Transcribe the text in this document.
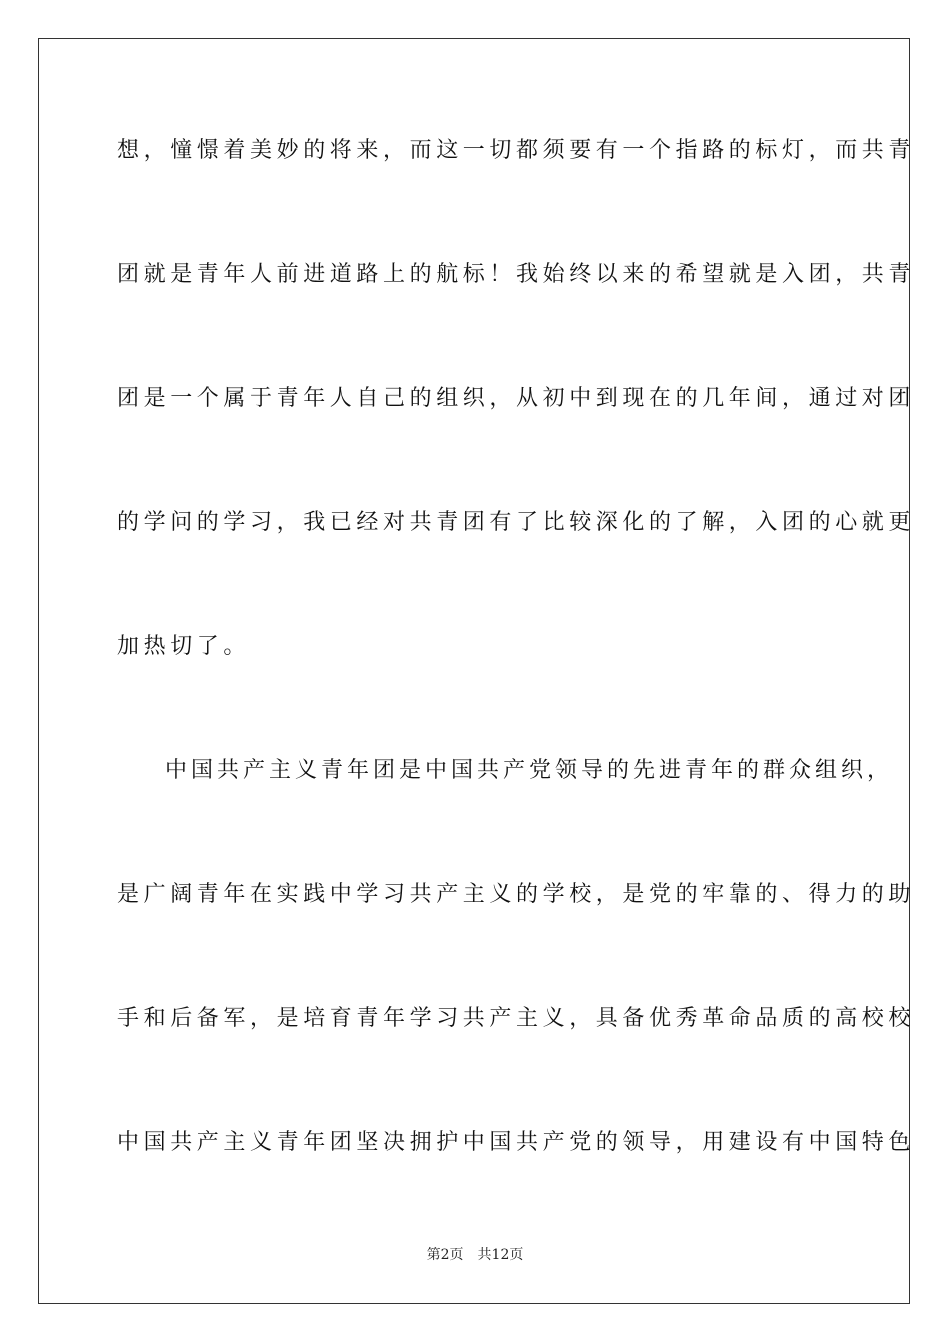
想，憧憬着美妙的将来，而这一切都须要有一个指路的标灯，而共青
团就是青年人前进道路上的航标！我始终以来的希望就是入团，共青
团是一个属于青年人自己的组织，从初中到现在的几年间，通过对团
的学问的学习，我已经对共青团有了比较深化的了解，入团的心就更
加热切了。
中国共产主义青年团是中国共产党领导的先进青年的群众组织，
是广阔青年在实践中学习共产主义的学校，是党的牢靠的、得力的助
手和后备军，是培育青年学习共产主义，具备优秀革命品质的高校校
中国共产主义青年团坚决拥护中国共产党的领导，用建设有中国特色
第2页 共12页
